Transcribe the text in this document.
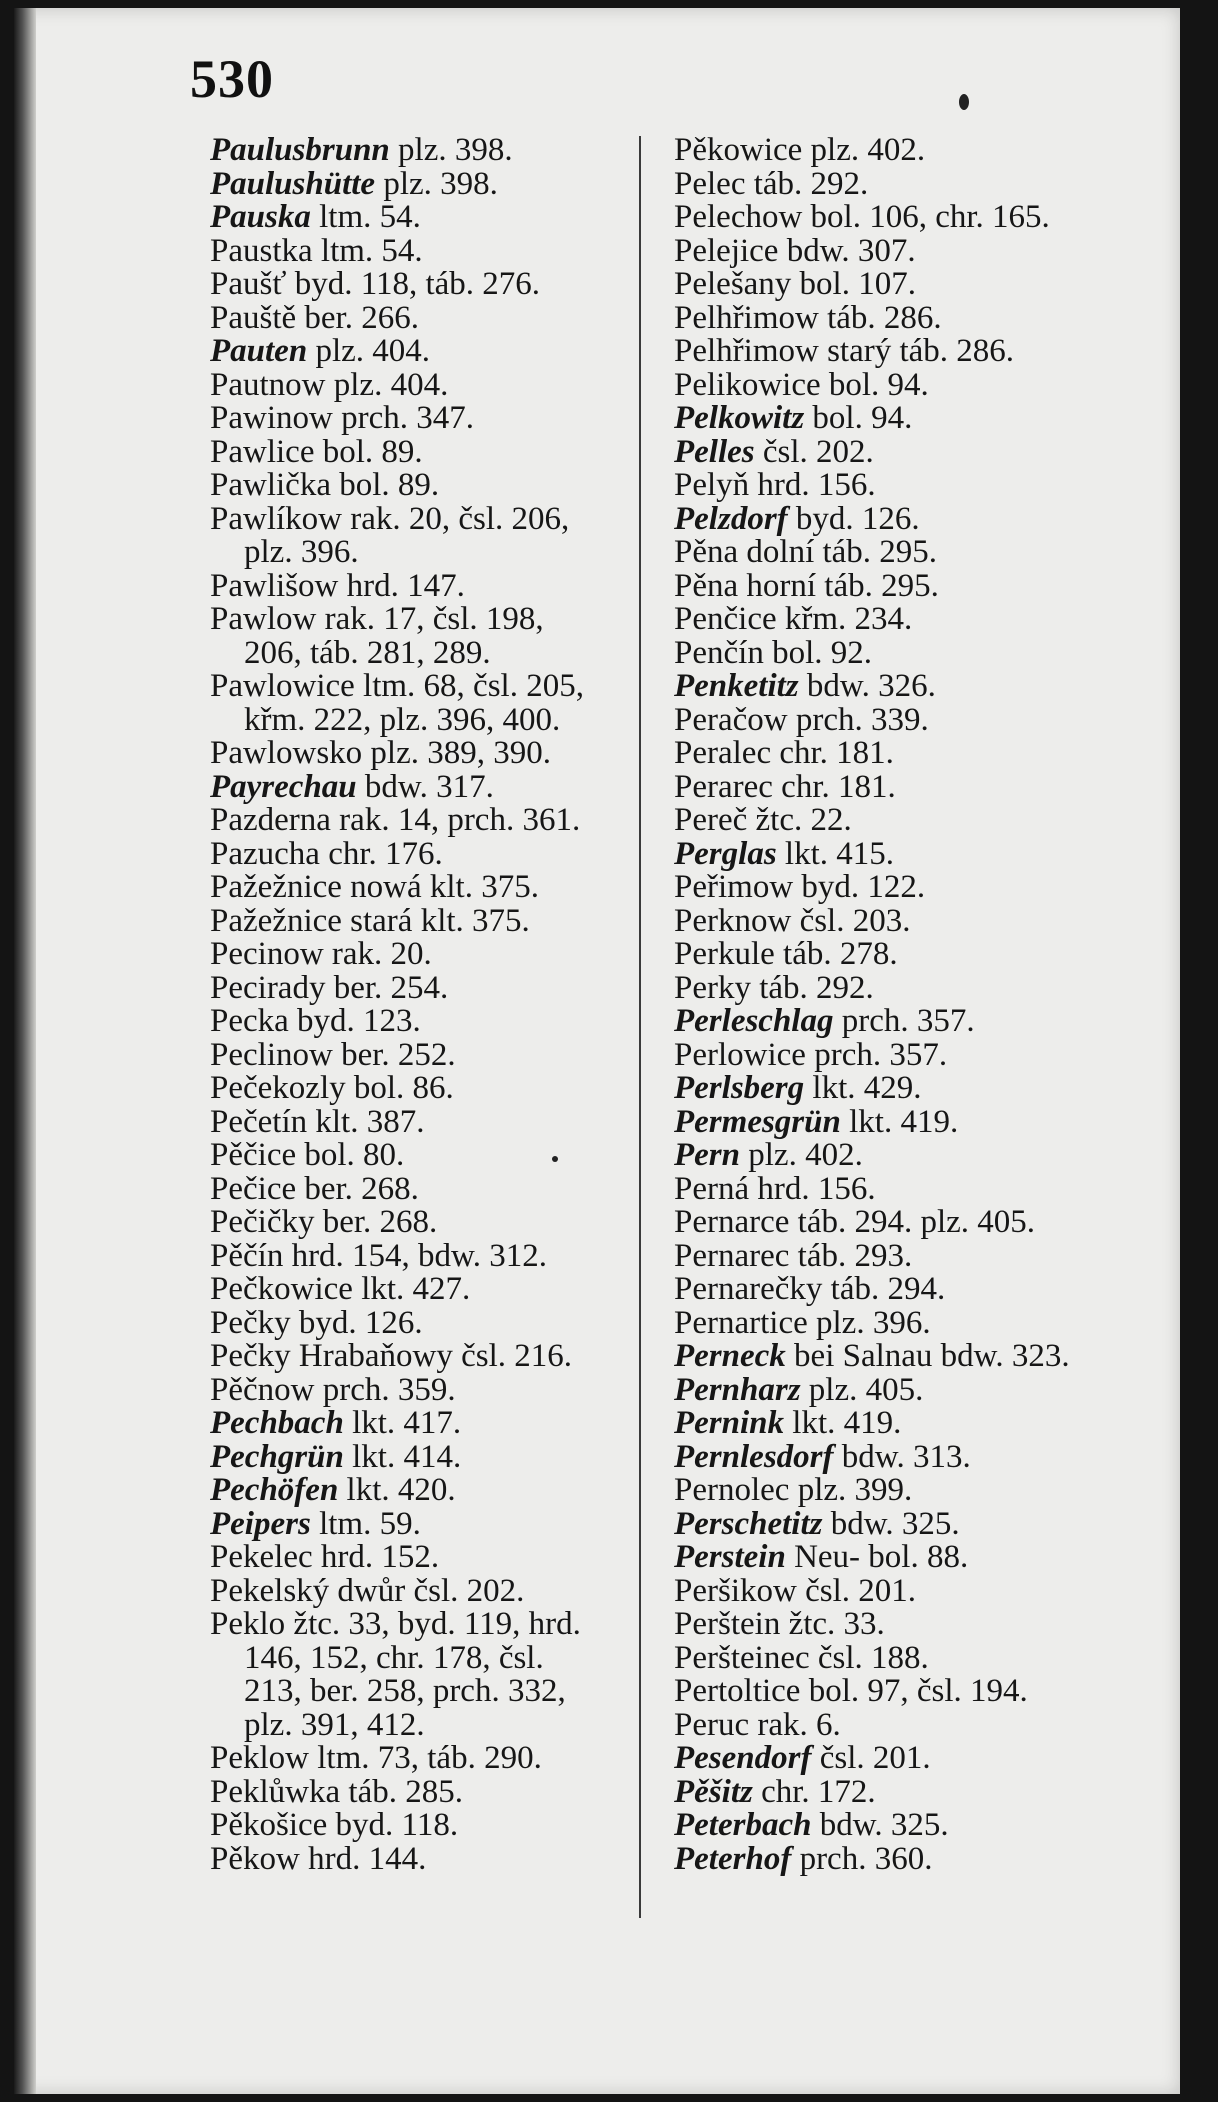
530
Paulusbrunn plz. 398.
Paulushütte plz. 398.
Pauska ltm. 54.
Paustka ltm. 54.
Paušť byd. 118, táb. 276.
Pauště ber. 266.
Pauten plz. 404.
Pautnow plz. 404.
Pawinow prch. 347.
Pawlice bol. 89.
Pawlička bol. 89.
Pawlíkow rak. 20, čsl. 206,
plz. 396.
Pawlišow hrd. 147.
Pawlow rak. 17, čsl. 198,
206, táb. 281, 289.
Pawlowice ltm. 68, čsl. 205,
křm. 222, plz. 396, 400.
Pawlowsko plz. 389, 390.
Payrechau bdw. 317.
Pazderna rak. 14, prch. 361.
Pazucha chr. 176.
Pažežnice nowá klt. 375.
Pažežnice stará klt. 375.
Pecinow rak. 20.
Pecirady ber. 254.
Pecka byd. 123.
Peclinow ber. 252.
Pečekozly bol. 86.
Pečetín klt. 387.
Pěčice bol. 80.
Pečice ber. 268.
Pečičky ber. 268.
Pěčín hrd. 154, bdw. 312.
Pečkowice lkt. 427.
Pečky byd. 126.
Pečky Hrabaňowy čsl. 216.
Pěčnow prch. 359.
Pechbach lkt. 417.
Pechgrün lkt. 414.
Pechöfen lkt. 420.
Peipers ltm. 59.
Pekelec hrd. 152.
Pekelský dwůr čsl. 202.
Peklo žtc. 33, byd. 119, hrd.
146, 152, chr. 178, čsl.
213, ber. 258, prch. 332,
plz. 391, 412.
Peklow ltm. 73, táb. 290.
Peklůwka táb. 285.
Pěkošice byd. 118.
Pěkow hrd. 144.
Pěkowice plz. 402.
Pelec táb. 292.
Pelechow bol. 106, chr. 165.
Pelejice bdw. 307.
Pelešany bol. 107.
Pelhřimow táb. 286.
Pelhřimow starý táb. 286.
Pelikowice bol. 94.
Pelkowitz bol. 94.
Pelles čsl. 202.
Pelyň hrd. 156.
Pelzdorf byd. 126.
Pěna dolní táb. 295.
Pěna horní táb. 295.
Penčice křm. 234.
Penčín bol. 92.
Penketitz bdw. 326.
Peračow prch. 339.
Peralec chr. 181.
Perarec chr. 181.
Pereč žtc. 22.
Perglas lkt. 415.
Peřimow byd. 122.
Perknow čsl. 203.
Perkule táb. 278.
Perky táb. 292.
Perleschlag prch. 357.
Perlowice prch. 357.
Perlsberg lkt. 429.
Permesgrün lkt. 419.
Pern plz. 402.
Perná hrd. 156.
Pernarce táb. 294. plz. 405.
Pernarec táb. 293.
Pernarečky táb. 294.
Pernartice plz. 396.
Perneck bei Salnau bdw. 323.
Pernharz plz. 405.
Pernink lkt. 419.
Pernlesdorf bdw. 313.
Pernolec plz. 399.
Perschetitz bdw. 325.
Perstein Neu- bol. 88.
Peršikow čsl. 201.
Perštein žtc. 33.
Peršteinec čsl. 188.
Pertoltice bol. 97, čsl. 194.
Peruc rak. 6.
Pesendorf čsl. 201.
Pěšitz chr. 172.
Peterbach bdw. 325.
Peterhof prch. 360.
